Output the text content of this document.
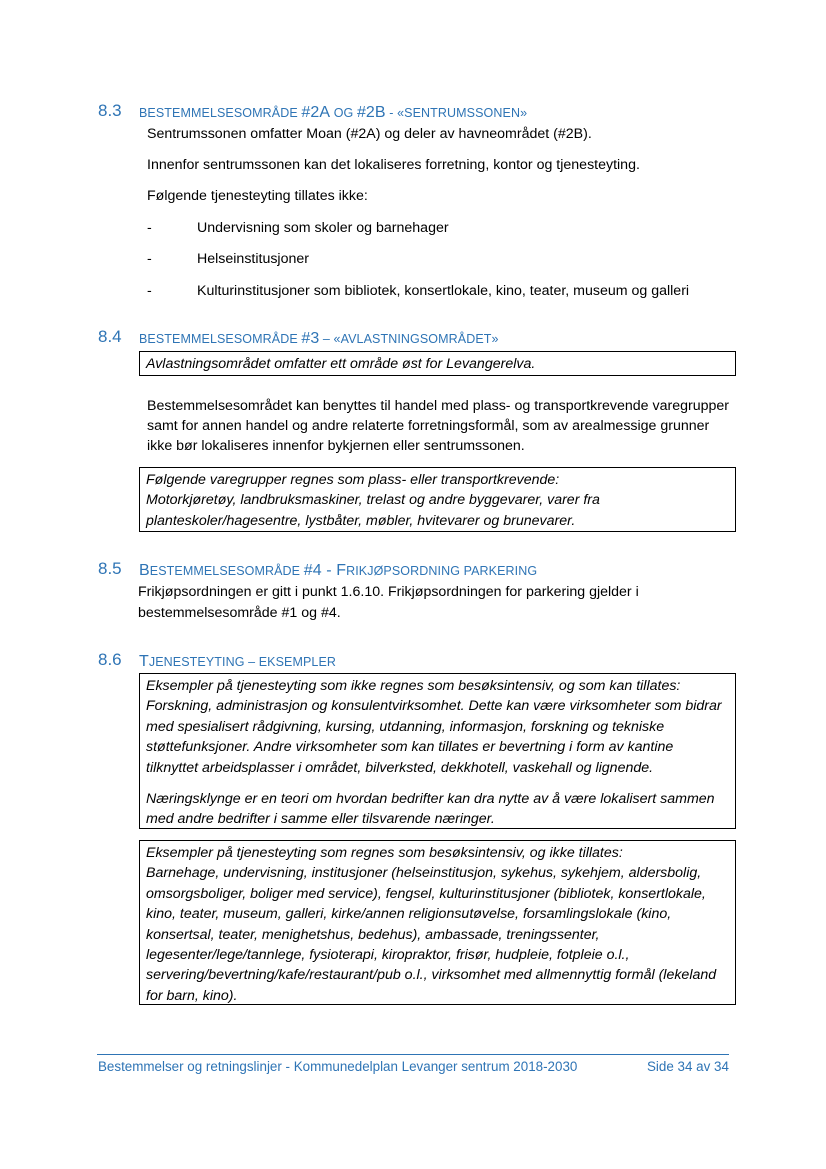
8.3 BESTEMMELSESOMRÅDE #2A OG #2B - «SENTRUMSSONEN»
Sentrumssonen omfatter Moan (#2A) og deler av havneområdet (#2B).
Innenfor sentrumssonen kan det lokaliseres forretning, kontor og tjenesteyting.
Følgende tjenesteyting tillates ikke:
-	Undervisning som skoler og barnehager
-	Helseinstitusjoner
-	Kulturinstitusjoner som bibliotek, konsertlokale, kino, teater, museum og galleri
8.4 BESTEMMELSESOMRÅDE #3 – «AVLASTNINGSOMRÅDET»
Avlastningsområdet omfatter ett område øst for Levangerelva.
Bestemmelsesområdet kan benyttes til handel med plass- og transportkrevende varegrupper
samt for annen handel og andre relaterte forretningsformål, som av arealmessige grunner
ikke bør lokaliseres innenfor bykjernen eller sentrumssonen.
Følgende varegrupper regnes som plass- eller transportkrevende:
Motorkjøretøy, landbruksmaskiner, trelast og andre byggevarer, varer fra
planteskoler/hagesentre, lystbåter, møbler, hvitevarer og brunevarer.
8.5 BESTEMMELSESOMRÅDE #4 - FRIKJØPSORDNING PARKERING
Frikjøpsordningen er gitt i punkt 1.6.10. Frikjøpsordningen for parkering gjelder i
bestemmelsesområde #1 og #4.
8.6 TJENESTEYTING – EKSEMPLER
Eksempler på tjenesteyting som ikke regnes som besøksintensiv, og som kan tillates:
Forskning, administrasjon og konsulentvirksomhet. Dette kan være virksomheter som bidrar
med spesialisert rådgivning, kursing, utdanning, informasjon, forskning og tekniske
støttefunksjoner. Andre virksomheter som kan tillates er bevertning i form av kantine
tilknyttet arbeidsplasser i området, bilverksted, dekkhotell, vaskehall og lignende.
Næringsklynge er en teori om hvordan bedrifter kan dra nytte av å være lokalisert sammen
med andre bedrifter i samme eller tilsvarende næringer.
Eksempler på tjenesteyting som regnes som besøksintensiv, og ikke tillates:
Barnehage, undervisning, institusjoner (helseinstitusjon, sykehus, sykehjem, aldersbolig,
omsorgsboliger, boliger med service), fengsel, kulturinstitusjoner (bibliotek, konsertlokale,
kino, teater, museum, galleri, kirke/annen religionsutøvelse, forsamlingslokale (kino,
konsertsal, teater, menighetshus, bedehus), ambassade, treningssenter,
legesenter/lege/tannlege, fysioterapi, kiropraktor, frisør, hudpleie, fotpleie o.l.,
servering/bevertning/kafe/restaurant/pub o.l., virksomhet med allmennyttig formål (lekeland
for barn, kino).
Bestemmelser og retningslinjer - Kommunedelplan Levanger sentrum 2018-2030	Side 34 av 34
